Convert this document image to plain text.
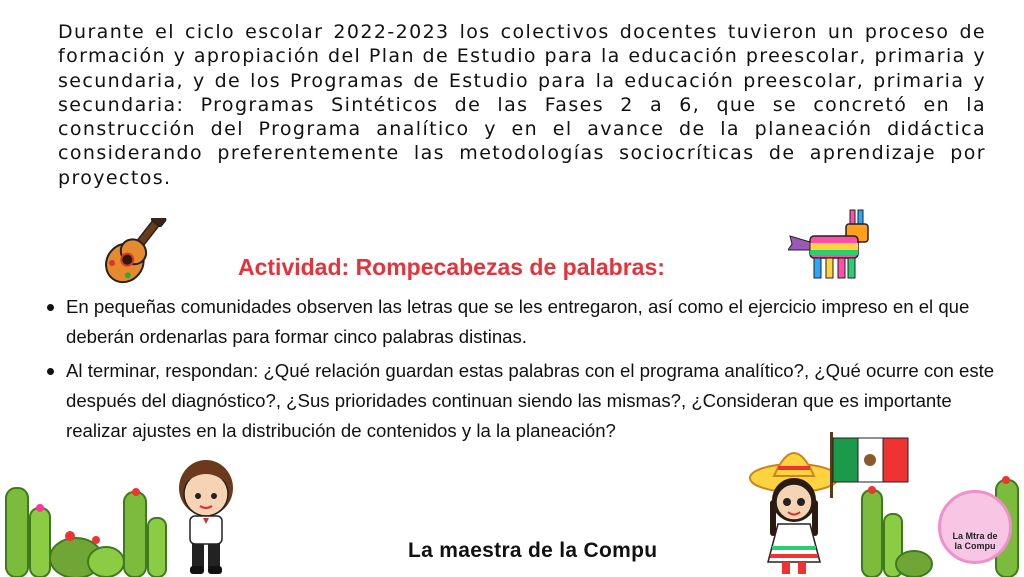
Durante el ciclo escolar 2022-2023 los colectivos docentes tuvieron un proceso de formación y apropiación del Plan de Estudio para la educación preescolar, primaria y secundaria, y de los Programas de Estudio para la educación preescolar, primaria y secundaria: Programas Sintéticos de las Fases 2 a 6, que se concretó en la construcción del Programa analítico y en el avance de la planeación didáctica considerando preferentemente las metodologías sociocríticas de aprendizaje por proyectos.

Actividad: Rompecabezas de palabras:
En pequeñas comunidades observen las letras que se les entregaron, así como el ejercicio impreso en el que deberán ordenarlas para formar cinco palabras distinas.
Al terminar, respondan: ¿Qué relación guardan estas palabras con el programa analítico?, ¿Qué ocurre con este después del diagnóstico?, ¿Sus prioridades continuan siendo las mismas?, ¿Consideran que es importante realizar ajustes en la distribución de contenidos y la la planeación?

La maestra de la Compu

La Mtra de la Compu
